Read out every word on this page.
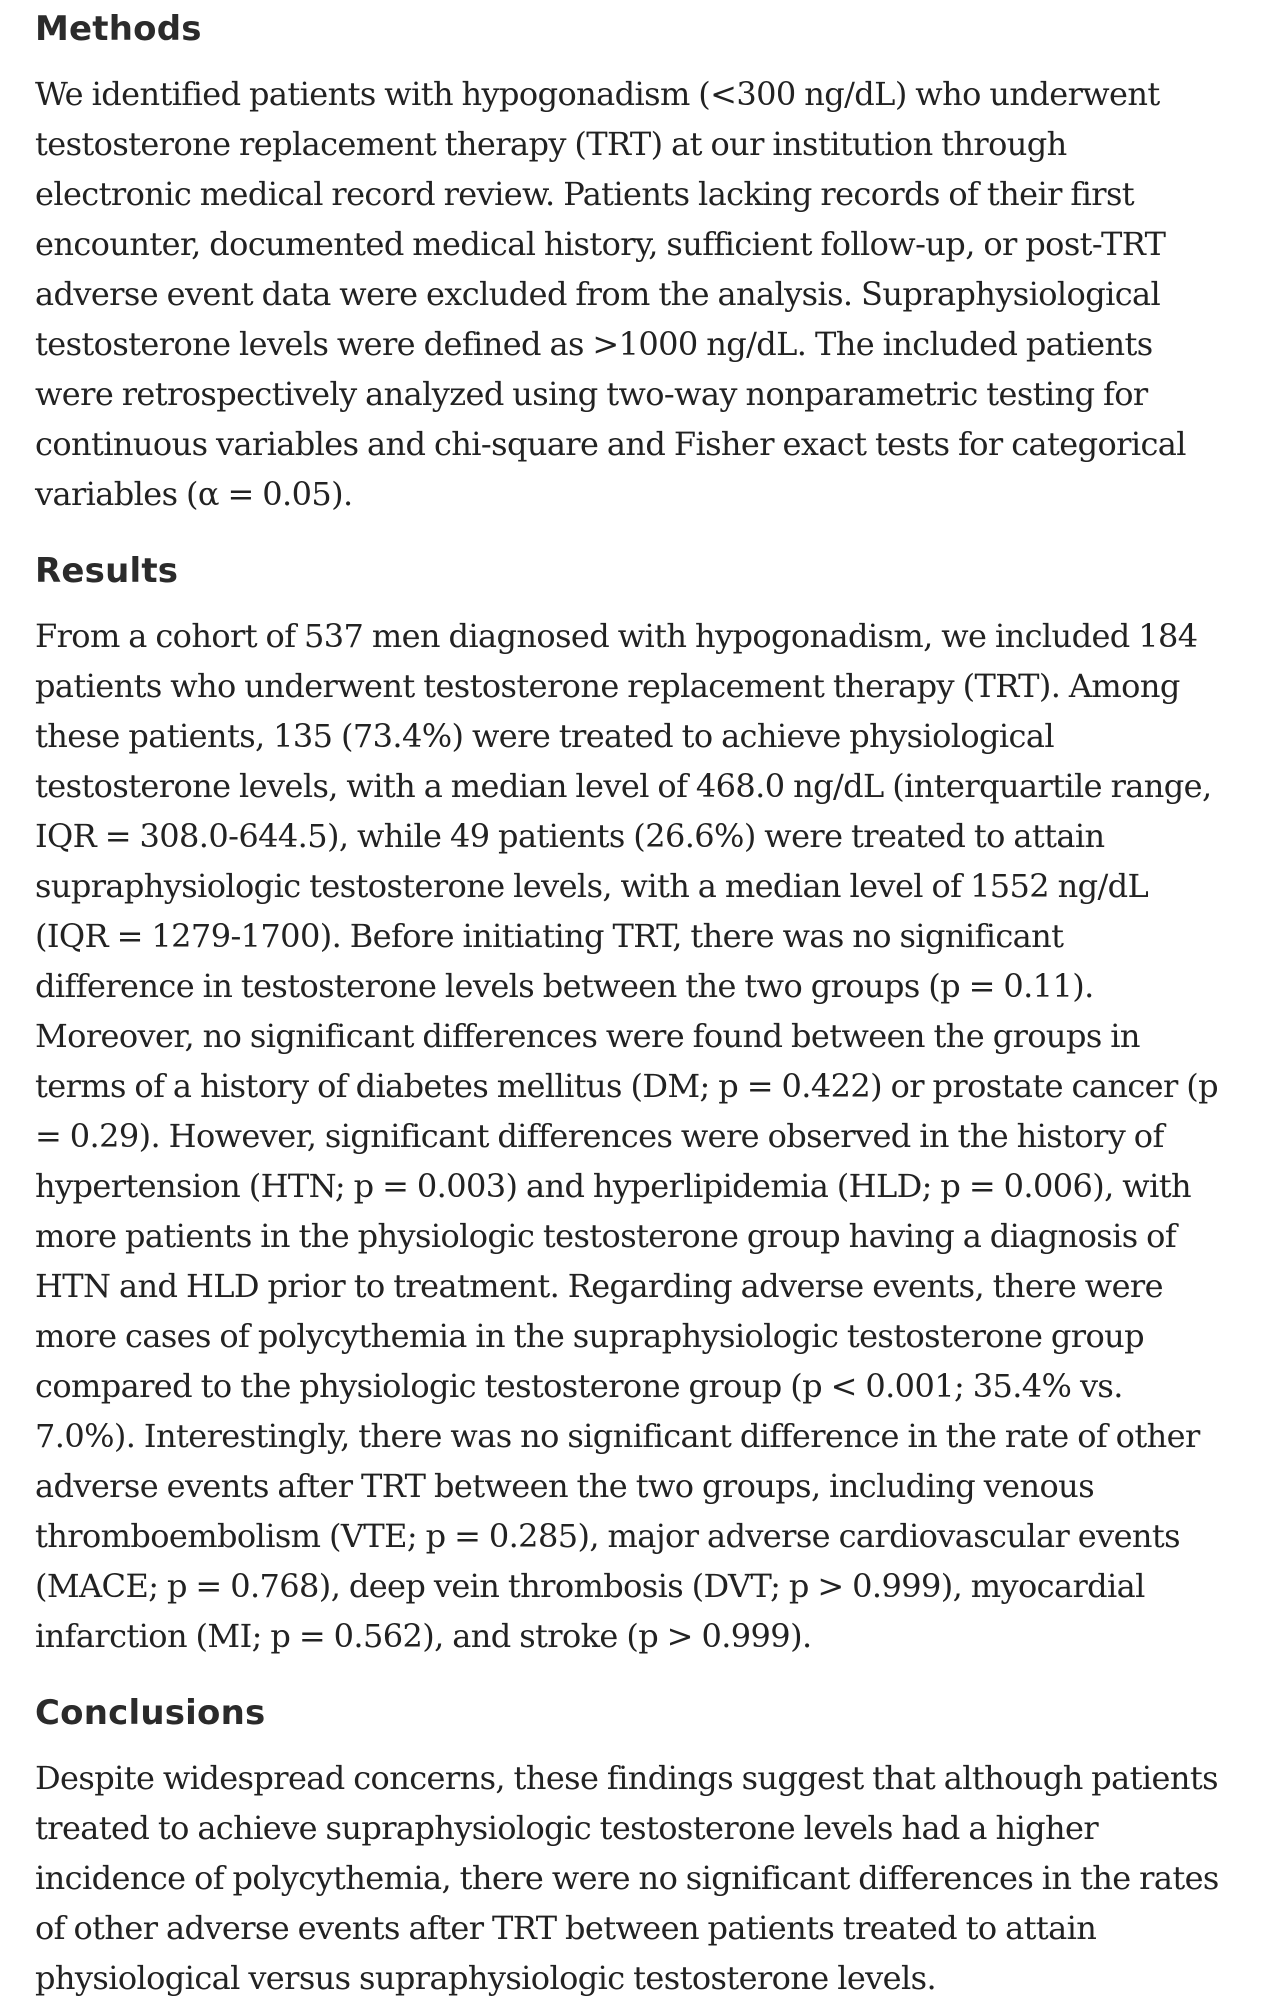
Methods

We identified patients with hypogonadism (<300 ng/dL) who underwent testosterone replacement therapy (TRT) at our institution through electronic medical record review. Patients lacking records of their first encounter, documented medical history, sufficient follow-up, or post-TRT adverse event data were excluded from the analysis. Supraphysiological testosterone levels were defined as >1000 ng/dL. The included patients were retrospectively analyzed using two-way nonparametric testing for continuous variables and chi-square and Fisher exact tests for categorical variables (α = 0.05).

Results

From a cohort of 537 men diagnosed with hypogonadism, we included 184 patients who underwent testosterone replacement therapy (TRT). Among these patients, 135 (73.4%) were treated to achieve physiological testosterone levels, with a median level of 468.0 ng/dL (interquartile range, IQR = 308.0-644.5), while 49 patients (26.6%) were treated to attain supraphysiologic testosterone levels, with a median level of 1552 ng/dL (IQR = 1279-1700). Before initiating TRT, there was no significant difference in testosterone levels between the two groups (p = 0.11). Moreover, no significant differences were found between the groups in terms of a history of diabetes mellitus (DM; p = 0.422) or prostate cancer (p = 0.29). However, significant differences were observed in the history of hypertension (HTN; p = 0.003) and hyperlipidemia (HLD; p = 0.006), with more patients in the physiologic testosterone group having a diagnosis of HTN and HLD prior to treatment. Regarding adverse events, there were more cases of polycythemia in the supraphysiologic testosterone group compared to the physiologic testosterone group (p < 0.001; 35.4% vs. 7.0%). Interestingly, there was no significant difference in the rate of other adverse events after TRT between the two groups, including venous thromboembolism (VTE; p = 0.285), major adverse cardiovascular events (MACE; p = 0.768), deep vein thrombosis (DVT; p > 0.999), myocardial infarction (MI; p = 0.562), and stroke (p > 0.999).

Conclusions

Despite widespread concerns, these findings suggest that although patients treated to achieve supraphysiologic testosterone levels had a higher incidence of polycythemia, there were no significant differences in the rates of other adverse events after TRT between patients treated to attain physiological versus supraphysiologic testosterone levels.
